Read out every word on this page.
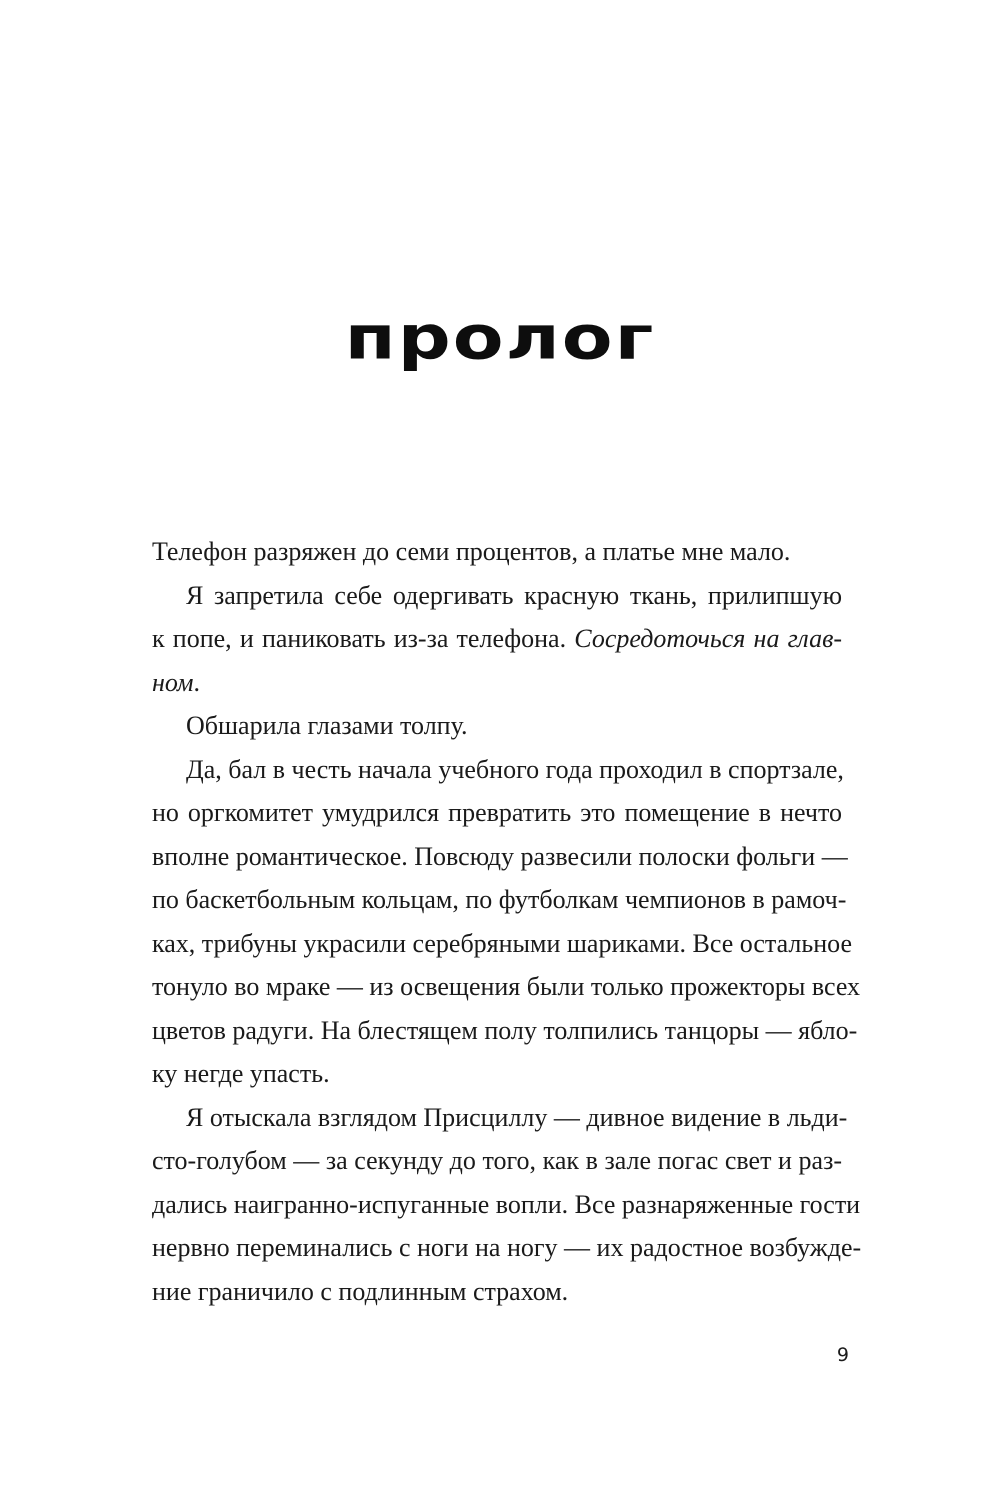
пролог
Телефон разряжен до семи процентов, а платье мне мало.
Я запретила себе одергивать красную ткань, прилипшую
к попе, и паниковать из-за телефона. Сосредоточься на глав-
ном.
Обшарила глазами толпу.
Да, бал в честь начала учебного года проходил в спортзале,
но оргкомитет умудрился превратить это помещение в нечто
вполне романтическое. Повсюду развесили полоски фольги —
по баскетбольным кольцам, по футболкам чемпионов в рамоч-
ках, трибуны украсили серебряными шариками. Все остальное
тонуло во мраке — из освещения были только прожекторы всех
цветов радуги. На блестящем полу толпились танцоры — ябло-
ку негде упасть.
Я отыскала взглядом Присциллу — дивное видение в льди-
сто-голубом — за секунду до того, как в зале погас свет и раз-
дались наигранно-испуганные вопли. Все разнаряженные гости
нервно переминались с ноги на ногу — их радостное возбужде-
ние граничило с подлинным страхом.
9
